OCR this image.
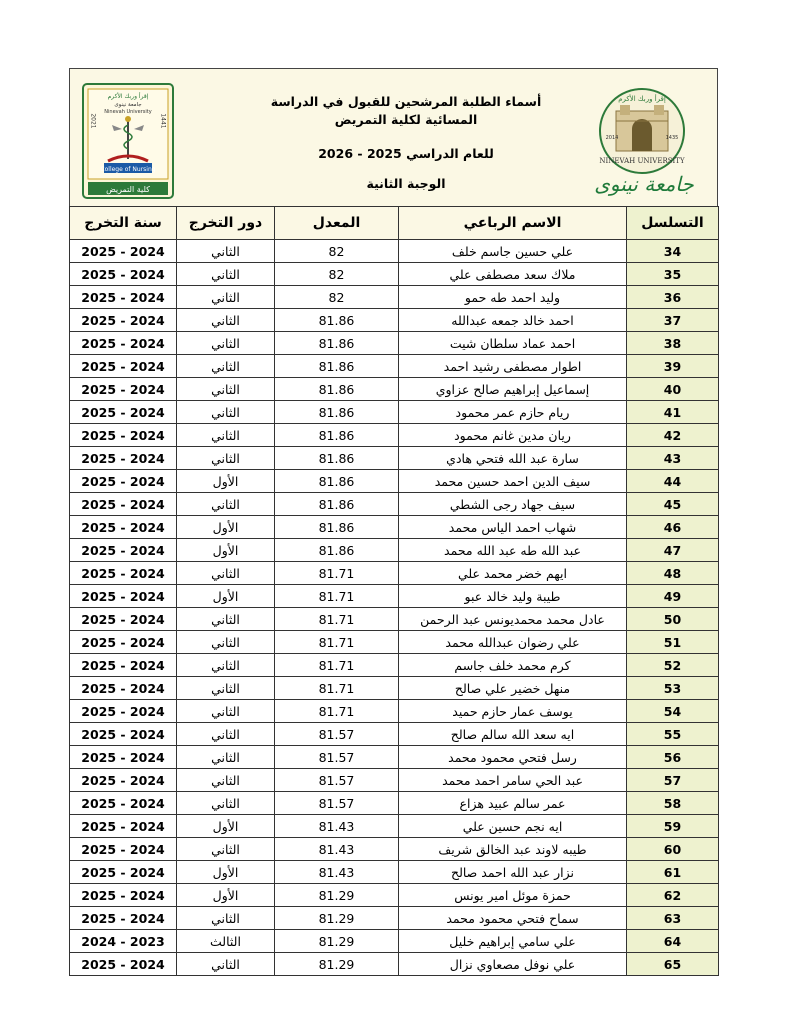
إقرأ وربك الأكرم
جامعة نينوى
Ninevah University
2021	1441
College of Nursing
كلية التمريض
أسماء الطلبة المرشحين للقبول في الدراسة المسائية لكلية التمريض
للعام الدراسي 2025 - 2026
الوجبة الثانية
إقرأ وربك الأكرم
2014	1435
NINEVAH UNIVERSITY
جامعة نينوى
التسلسل	الاسم الرباعي	المعدل	دور التخرج	سنة التخرج
34	علي حسين جاسم خلف	82	الثاني	2025 - 2024
35	ملاك سعد مصطفى علي	82	الثاني	2025 - 2024
36	وليد احمد طه حمو	82	الثاني	2025 - 2024
37	احمد خالد جمعه عبدالله	81.86	الثاني	2025 - 2024
38	احمد عماد سلطان شيت	81.86	الثاني	2025 - 2024
39	اطوار مصطفى رشيد احمد	81.86	الثاني	2025 - 2024
40	إسماعيل إبراهيم صالح عزاوي	81.86	الثاني	2025 - 2024
41	ريام حازم عمر محمود	81.86	الثاني	2025 - 2024
42	ريان مدين غانم محمود	81.86	الثاني	2025 - 2024
43	سارة عبد الله فتحي هادي	81.86	الثاني	2025 - 2024
44	سيف الدين احمد حسين محمد	81.86	الأول	2025 - 2024
45	سيف جهاد رجى الشطي	81.86	الثاني	2025 - 2024
46	شهاب احمد الياس محمد	81.86	الأول	2025 - 2024
47	عبد الله طه عبد الله محمد	81.86	الأول	2025 - 2024
48	ايهم خضر محمد علي	81.71	الثاني	2025 - 2024
49	طيبة وليد خالد عبو	81.71	الأول	2025 - 2024
50	عادل محمد محمديونس عبد الرحمن	81.71	الثاني	2025 - 2024
51	علي رضوان عبدالله محمد	81.71	الثاني	2025 - 2024
52	كرم محمد خلف جاسم	81.71	الثاني	2025 - 2024
53	منهل خضير علي صالح	81.71	الثاني	2025 - 2024
54	يوسف عمار حازم حميد	81.71	الثاني	2025 - 2024
55	ايه سعد الله سالم صالح	81.57	الثاني	2025 - 2024
56	رسل فتحي محمود محمد	81.57	الثاني	2025 - 2024
57	عبد الحي سامر احمد محمد	81.57	الثاني	2025 - 2024
58	عمر سالم عبيد هزاع	81.57	الثاني	2025 - 2024
59	ايه نجم حسين علي	81.43	الأول	2025 - 2024
60	طيبه لاوند عبد الخالق شريف	81.43	الثاني	2025 - 2024
61	نزار عبد الله احمد صالح	81.43	الأول	2025 - 2024
62	حمزة موئل امير يونس	81.29	الأول	2025 - 2024
63	سماح فتحي محمود محمد	81.29	الثاني	2025 - 2024
64	علي سامي إبراهيم خليل	81.29	الثالث	2024 - 2023
65	علي نوفل مصعاوي نزال	81.29	الثاني	2025 - 2024
